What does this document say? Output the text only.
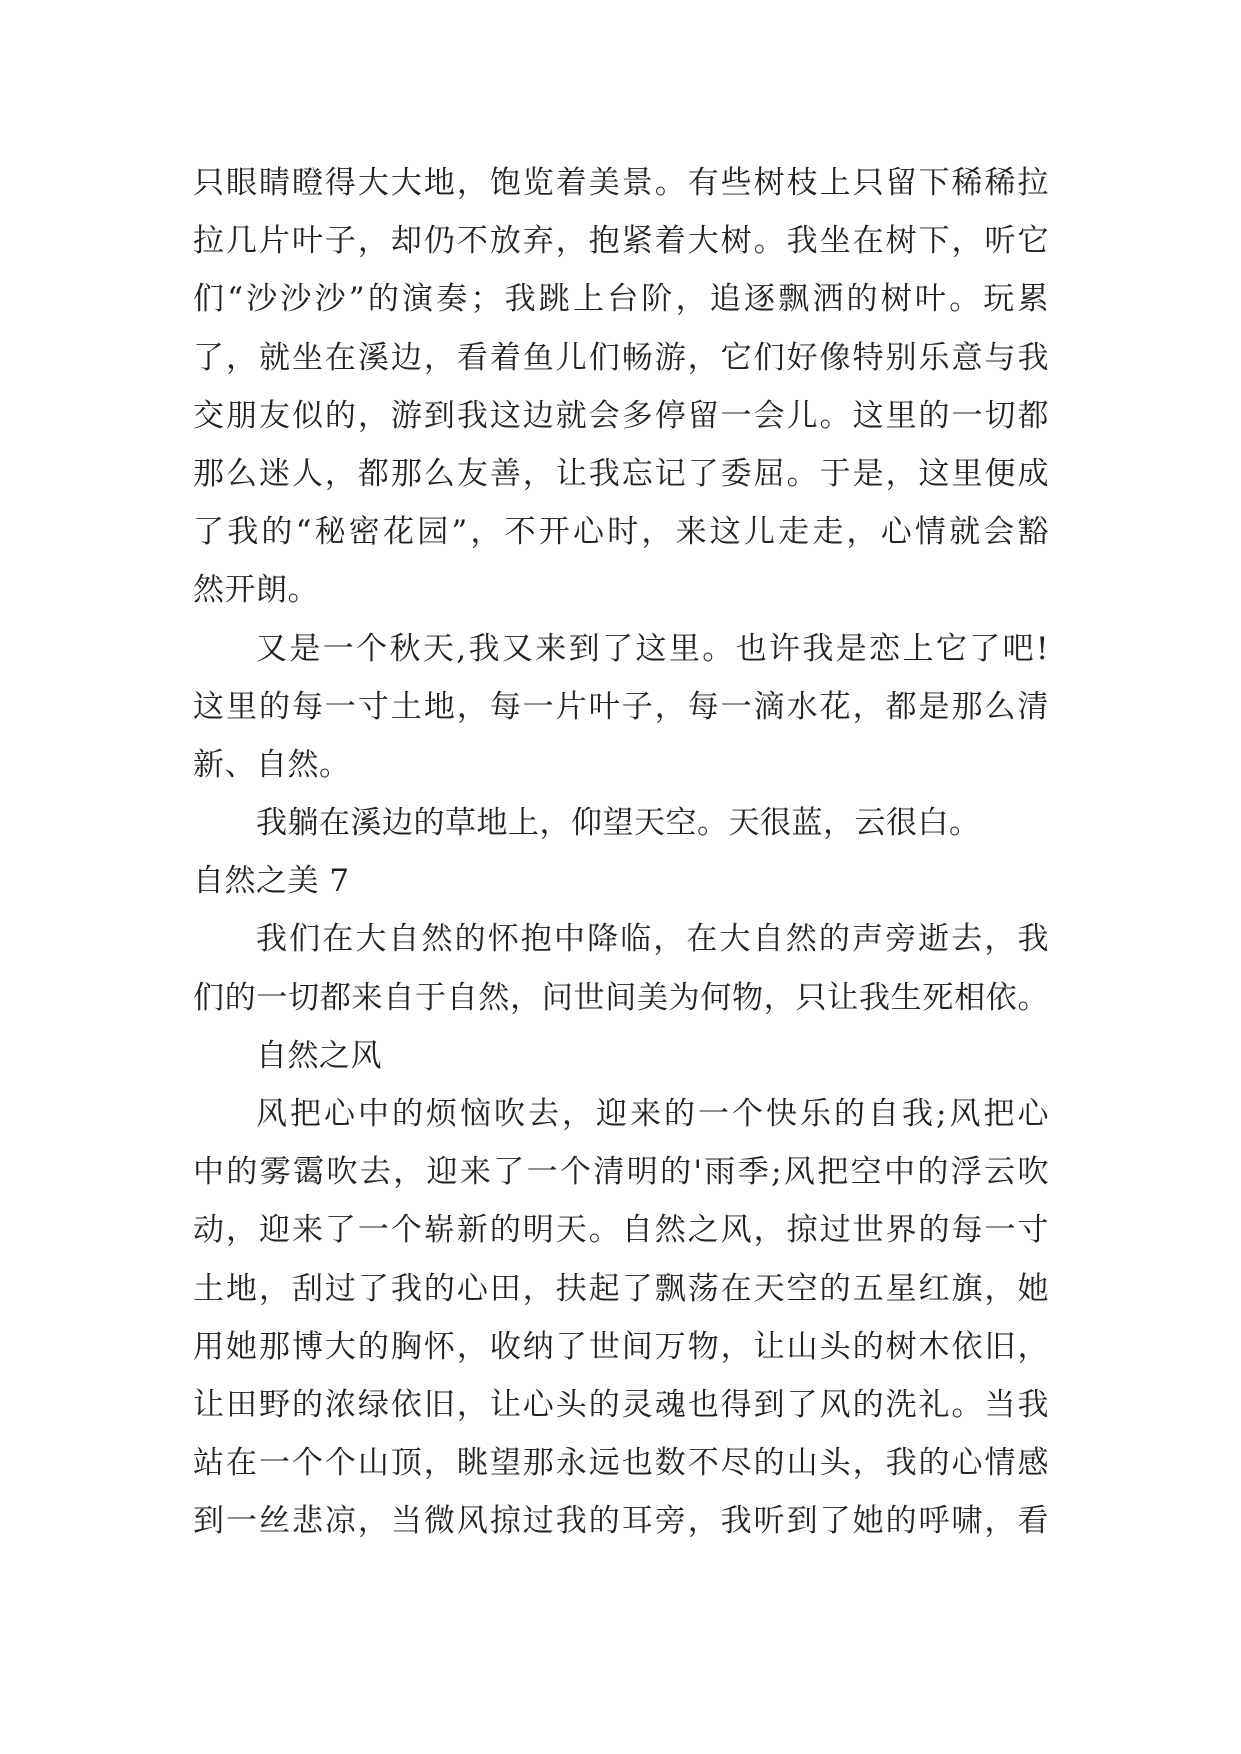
只眼睛瞪得大大地，饱览着美景。有些树枝上只留下稀稀拉
拉几片叶子，却仍不放弃，抱紧着大树。我坐在树下，听它
们“沙沙沙”的演奏；我跳上台阶，追逐飘洒的树叶。玩累
了，就坐在溪边，看着鱼儿们畅游，它们好像特别乐意与我
交朋友似的，游到我这边就会多停留一会儿。这里的一切都
那么迷人，都那么友善，让我忘记了委屈。于是，这里便成
了我的“秘密花园”，不开心时，来这儿走走，心情就会豁
然开朗。
又是一个秋天,我又来到了这里。也许我是恋上它了吧!
这里的每一寸土地，每一片叶子，每一滴水花，都是那么清
新、自然。
我躺在溪边的草地上，仰望天空。天很蓝，云很白。
自然之美 7
我们在大自然的怀抱中降临，在大自然的声旁逝去，我
们的一切都来自于自然，问世间美为何物，只让我生死相依。
自然之风
风把心中的烦恼吹去，迎来的一个快乐的自我;风把心
中的雾霭吹去，迎来了一个清明的'雨季;风把空中的浮云吹
动，迎来了一个崭新的明天。自然之风，掠过世界的每一寸
土地，刮过了我的心田，扶起了飘荡在天空的五星红旗，她
用她那博大的胸怀，收纳了世间万物，让山头的树木依旧，
让田野的浓绿依旧，让心头的灵魂也得到了风的洗礼。当我
站在一个个山顶，眺望那永远也数不尽的山头，我的心情感
到一丝悲凉，当微风掠过我的耳旁，我听到了她的呼啸，看
